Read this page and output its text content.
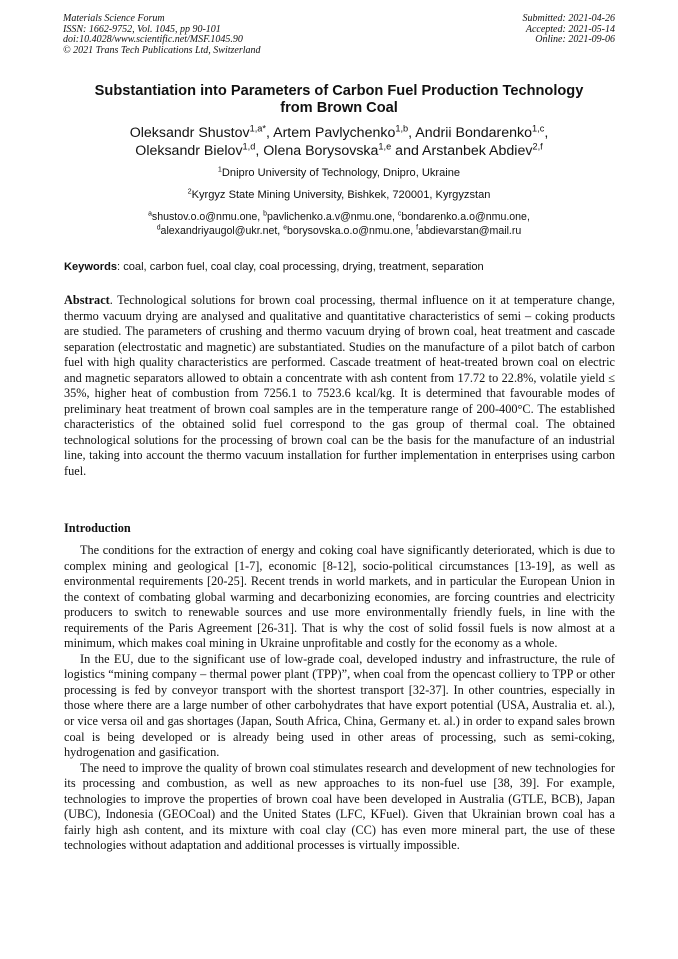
Materials Science Forum
ISSN: 1662-9752, Vol. 1045, pp 90-101
doi:10.4028/www.scientific.net/MSF.1045.90
© 2021 Trans Tech Publications Ltd, Switzerland
Submitted: 2021-04-26
Accepted: 2021-05-14
Online: 2021-09-06
Substantiation into Parameters of Carbon Fuel Production Technology
from Brown Coal
Oleksandr Shustov$^{1,a*}$, Artem Pavlychenko$^{1,b}$, Andrii Bondarenko$^{1,c}$,
Oleksandr Bielov$^{1,d}$, Olena Borysovska$^{1,e}$ and Arstanbek Abdiev$^{2,f}$
$^1$Dnipro University of Technology, Dnipro, Ukraine
$^2$Kyrgyz State Mining University, Bishkek, 720001, Kyrgyzstan
$^a$shustov.o.o@nmu.one, $^b$pavlichenko.a.v@nmu.one, $^c$bondarenko.a.o@nmu.one,
$^d$alexandriyaugol@ukr.net, $^e$borysovska.o.o@nmu.one, $^f$abdievarstan@mail.ru
Keywords: coal, carbon fuel, coal clay, coal processing, drying, treatment, separation
Abstract. Technological solutions for brown coal processing, thermal influence on it at temperature change, thermo vacuum drying are analysed and qualitative and quantitative characteristics of semi – coking products are studied. The parameters of crushing and thermo vacuum drying of brown coal, heat treatment and cascade separation (electrostatic and magnetic) are substantiated. Studies on the manufacture of a pilot batch of carbon fuel with high quality characteristics are performed. Cascade treatment of heat-treated brown coal on electric and magnetic separators allowed to obtain a concentrate with ash content from 17.72 to 22.8%, volatile yield ≤ 35%, higher heat of combustion from 7256.1 to 7523.6 kcal/kg. It is determined that favourable modes of preliminary heat treatment of brown coal samples are in the temperature range of 200-400°C. The established characteristics of the obtained solid fuel correspond to the gas group of thermal coal. The obtained technological solutions for the processing of brown coal can be the basis for the manufacture of an industrial line, taking into account the thermo vacuum installation for further implementation in enterprises using carbon fuel.
Introduction

The conditions for the extraction of energy and coking coal have significantly deteriorated, which is due to complex mining and geological [1-7], economic [8-12], socio-political circumstances [13-19], as well as environmental requirements [20-25]. Recent trends in world markets, and in particular the European Union in the context of combating global warming and decarbonizing economies, are forcing countries and electricity producers to switch to renewable sources and use more environmentally friendly fuels, in line with the requirements of the Paris Agreement [26-31]. That is why the cost of solid fossil fuels is now almost at a minimum, which makes coal mining in Ukraine unprofitable and costly for the economy as a whole.

In the EU, due to the significant use of low-grade coal, developed industry and infrastructure, the rule of logistics “mining company – thermal power plant (TPP)”, when coal from the opencast colliery to TPP or other processing is fed by conveyor transport with the shortest transport [32-37]. In other countries, especially in those where there are a large number of other carbohydrates that have export potential (USA, Australia et. al.), or vice versa oil and gas shortages (Japan, South Africa, China, Germany et. al.) in order to expand sales brown coal is being developed or is already being used in other areas of processing, such as semi-coking, hydrogenation and gasification.

The need to improve the quality of brown coal stimulates research and development of new technologies for its processing and combustion, as well as new approaches to its non-fuel use [38, 39]. For example, technologies to improve the properties of brown coal have been developed in Australia (GTLE, BCB), Japan (UBC), Indonesia (GEOCoal) and the United States (LFC, KFuel). Given that Ukrainian brown coal has a fairly high ash content, and its mixture with coal clay (CC) has even more mineral part, the use of these technologies without adaptation and additional processes is virtually impossible.
